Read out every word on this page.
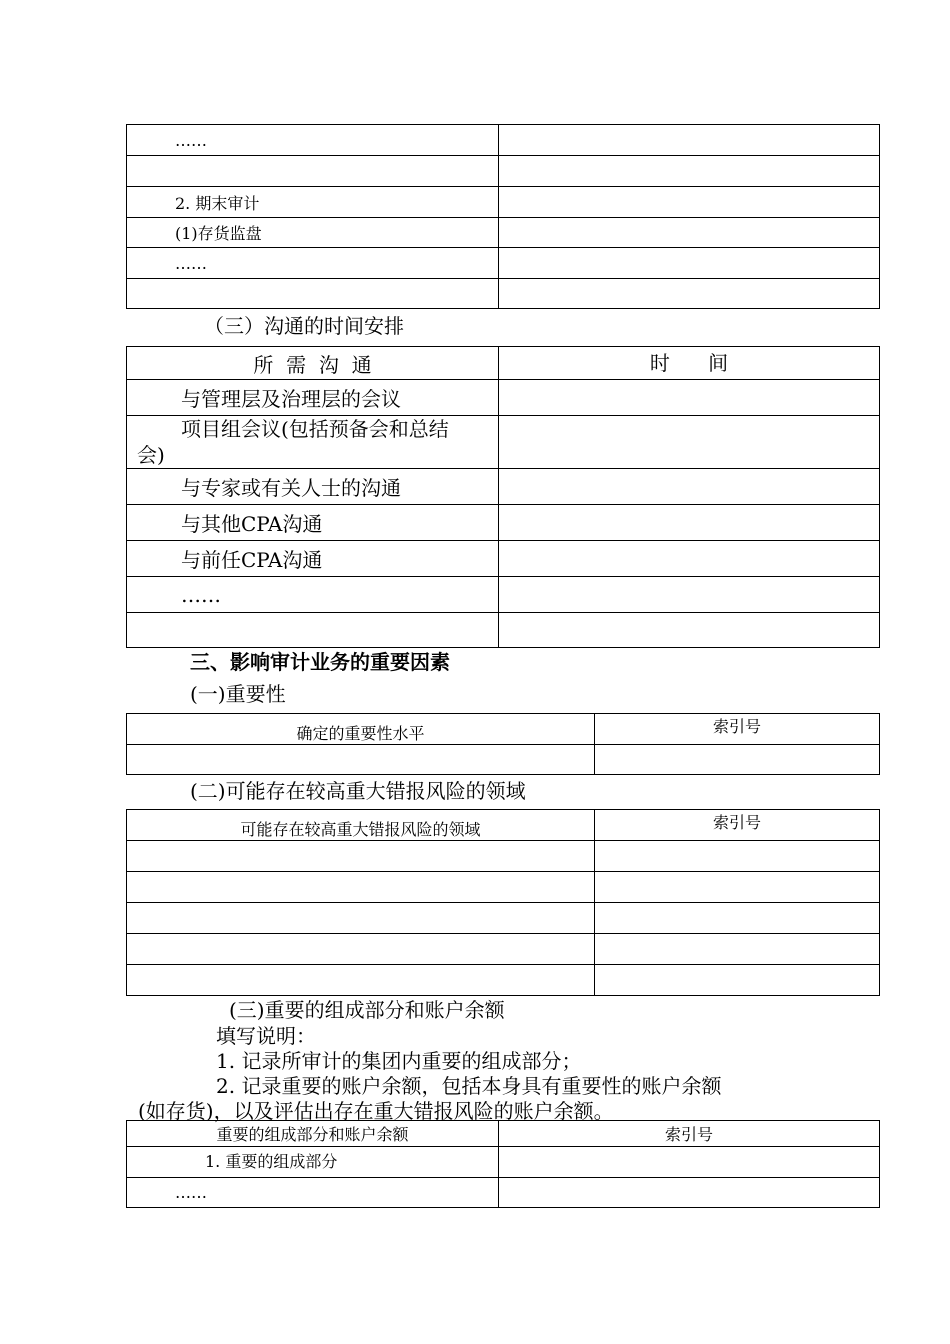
……	

2. 期末审计	
(1)存货监盘	
……	

（三）沟通的时间安排
所  需  沟  通	时      间
与管理层及治理层的会议	

项目组会议(包括预备会和总结
会)	

与专家或有关人士的沟通	
与其他CPA沟通	
与前任CPA沟通	
……	

三、影响审计业务的重要因素
(一)重要性
确定的重要性水平	索引号

(二)可能存在较高重大错报风险的领域
可能存在较高重大错报风险的领域	索引号

(三)重要的组成部分和账户余额
填写说明：
1. 记录所审计的集团内重要的组成部分；
2. 记录重要的账户余额，包括本身具有重要性的账户余额
(如存货)，以及评估出存在重大错报风险的账户余额。
重要的组成部分和账户余额	索引号
1. 重要的组成部分	
……	
